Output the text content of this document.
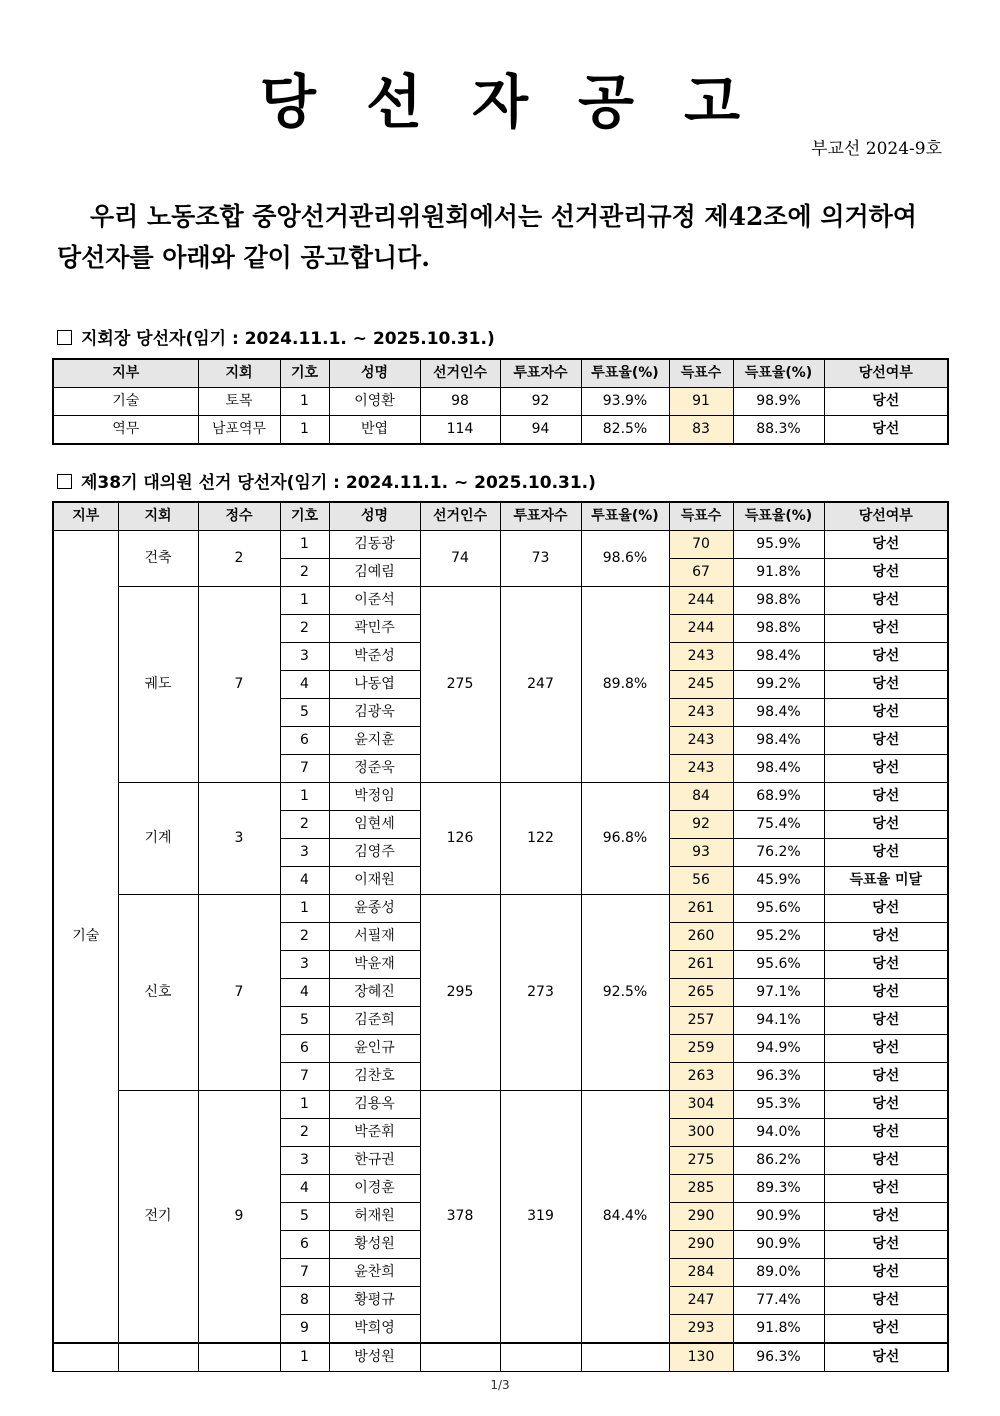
당선자공고
부교선 2024-9호

우리 노동조합 중앙선거관리위원회에서는 선거관리규정 제42조에 의거하여 당선자를 아래와 같이 공고합니다.

지회장 당선자(임기 : 2024.11.1. ~ 2025.10.31.)
지부	지회	기호	성명	선거인수	투표자수	투표율(%)	득표수	득표율(%)	당선여부
기술	토목	1	이영환	98	92	93.9%	91	98.9%	당선
역무	남포역무	1	반엽	114	94	82.5%	83	88.3%	당선
제38기 대의원 선거 당선자(임기 : 2024.11.1. ~ 2025.10.31.)
지부	지회	정수	기호	성명	선거인수	투표자수	투표율(%)	득표수	득표율(%)	당선여부
기술	건축	2	1	김동광	74	73	98.6%	70	95.9%	당선
			2	김예림				67	91.8%	당선
	궤도	7	1	이준석	275	247	89.8%	244	98.8%	당선
			2	곽민주				244	98.8%	당선
			3	박준성				243	98.4%	당선
			4	나동엽				245	99.2%	당선
			5	김광욱				243	98.4%	당선
			6	윤지훈				243	98.4%	당선
			7	정준욱				243	98.4%	당선
	기계	3	1	박정임	126	122	96.8%	84	68.9%	당선
			2	임현세				92	75.4%	당선
			3	김영주				93	76.2%	당선
			4	이재원				56	45.9%	득표율 미달
	신호	7	1	윤종성	295	273	92.5%	261	95.6%	당선
			2	서필재				260	95.2%	당선
			3	박윤재				261	95.6%	당선
			4	장혜진				265	97.1%	당선
			5	김준희				257	94.1%	당선
			6	윤인규				259	94.9%	당선
			7	김찬호				263	96.3%	당선
	전기	9	1	김용옥	378	319	84.4%	304	95.3%	당선
			2	박준휘				300	94.0%	당선
			3	한규권				275	86.2%	당선
			4	이경훈				285	89.3%	당선
			5	허재원				290	90.9%	당선
			6	황성원				290	90.9%	당선
			7	윤찬희				284	89.0%	당선
			8	황평규				247	77.4%	당선
			9	박희영				293	91.8%	당선
			1	방성원				130	96.3%	당선
1/3
